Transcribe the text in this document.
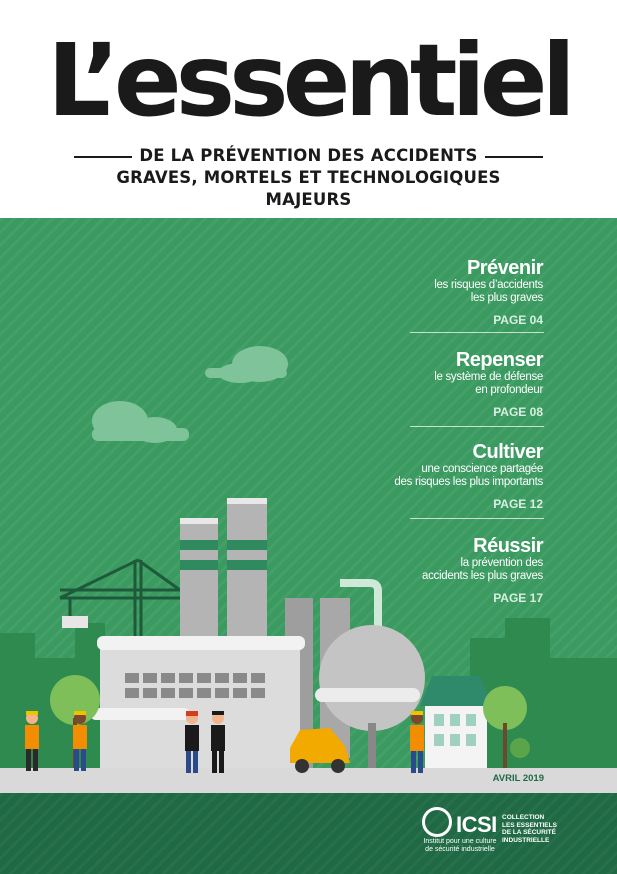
L’essentiel
DE LA PRÉVENTION DES ACCIDENTS
GRAVES, MORTELS ET TECHNOLOGIQUES MAJEURS
Prévenir
les risques d’accidents
les plus graves
PAGE 04
Repenser
le système de défense
en profondeur
PAGE 08
Cultiver
une conscience partagée
des risques les plus importants
PAGE 12
Réussir
la prévention des
accidents les plus graves
PAGE 17
AVRIL 2019
ICSI
Institut pour une culture de sécurité industrielle
COLLECTION
LES ESSENTIELS
DE LA SÉCURITÉ
INDUSTRIELLE
